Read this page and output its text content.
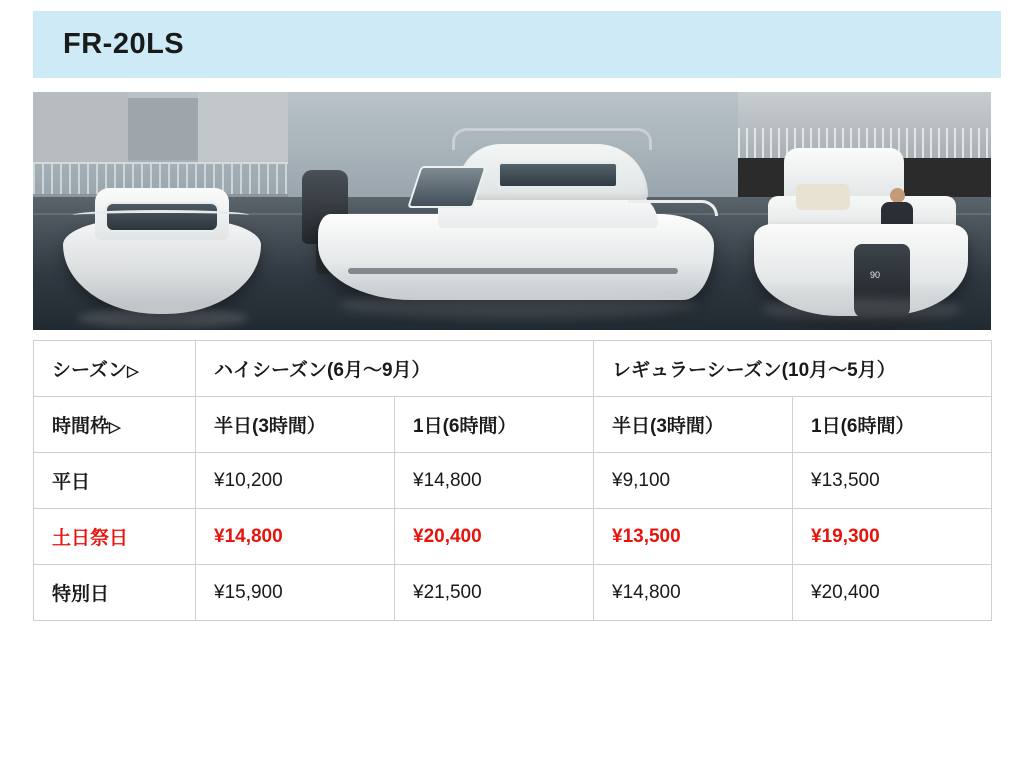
FR-20LS
90
シーズン▷	ハイシーズン(6月〜9月）		レギュラーシーズン(10月〜5月）	
時間枠▷	半日(3時間）	1日(6時間）	半日(3時間）	1日(6時間）
平日	¥10,200	¥14,800	¥9,100	¥13,500
土日祭日	¥14,800	¥20,400	¥13,500	¥19,300
特別日	¥15,900	¥21,500	¥14,800	¥20,400
